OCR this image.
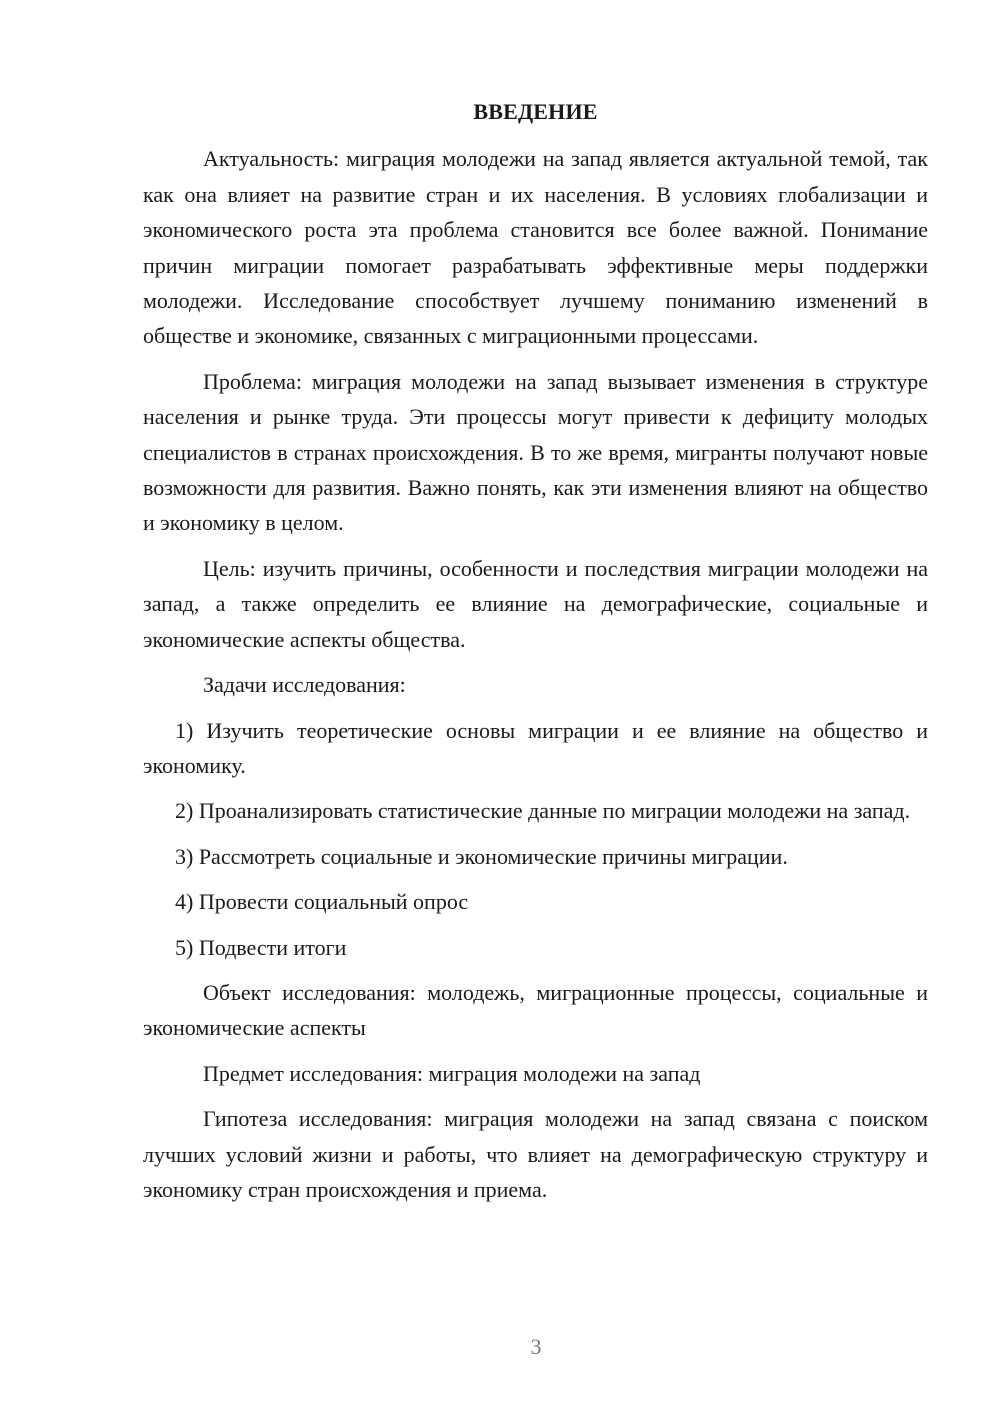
ВВЕДЕНИЕ

Актуальность: миграция молодежи на запад является актуальной темой, так как она влияет на развитие стран и их населения. В условиях глобализации и экономического роста эта проблема становится все более важной. Понимание причин миграции помогает разрабатывать эффективные меры поддержки молодежи. Исследование способствует лучшему пониманию изменений в обществе и экономике, связанных с миграционными процессами.

Проблема: миграция молодежи на запад вызывает изменения в структуре населения и рынке труда. Эти процессы могут привести к дефициту молодых специалистов в странах происхождения. В то же время, мигранты получают новые возможности для развития. Важно понять, как эти изменения влияют на общество и экономику в целом.

Цель: изучить причины, особенности и последствия миграции молодежи на запад, а также определить ее влияние на демографические, социальные и экономические аспекты общества.

Задачи исследования:

1) Изучить теоретические основы миграции и ее влияние на общество и экономику.

2) Проанализировать статистические данные по миграции молодежи на запад.

3) Рассмотреть социальные и экономические причины миграции.

4) Провести социальный опрос

5) Подвести итоги

Объект исследования: молодежь, миграционные процессы, социальные и экономические аспекты

Предмет исследования: миграция молодежи на запад

Гипотеза исследования: миграция молодежи на запад связана с поиском лучших условий жизни и работы, что влияет на демографическую структуру и экономику стран происхождения и приема.

3
